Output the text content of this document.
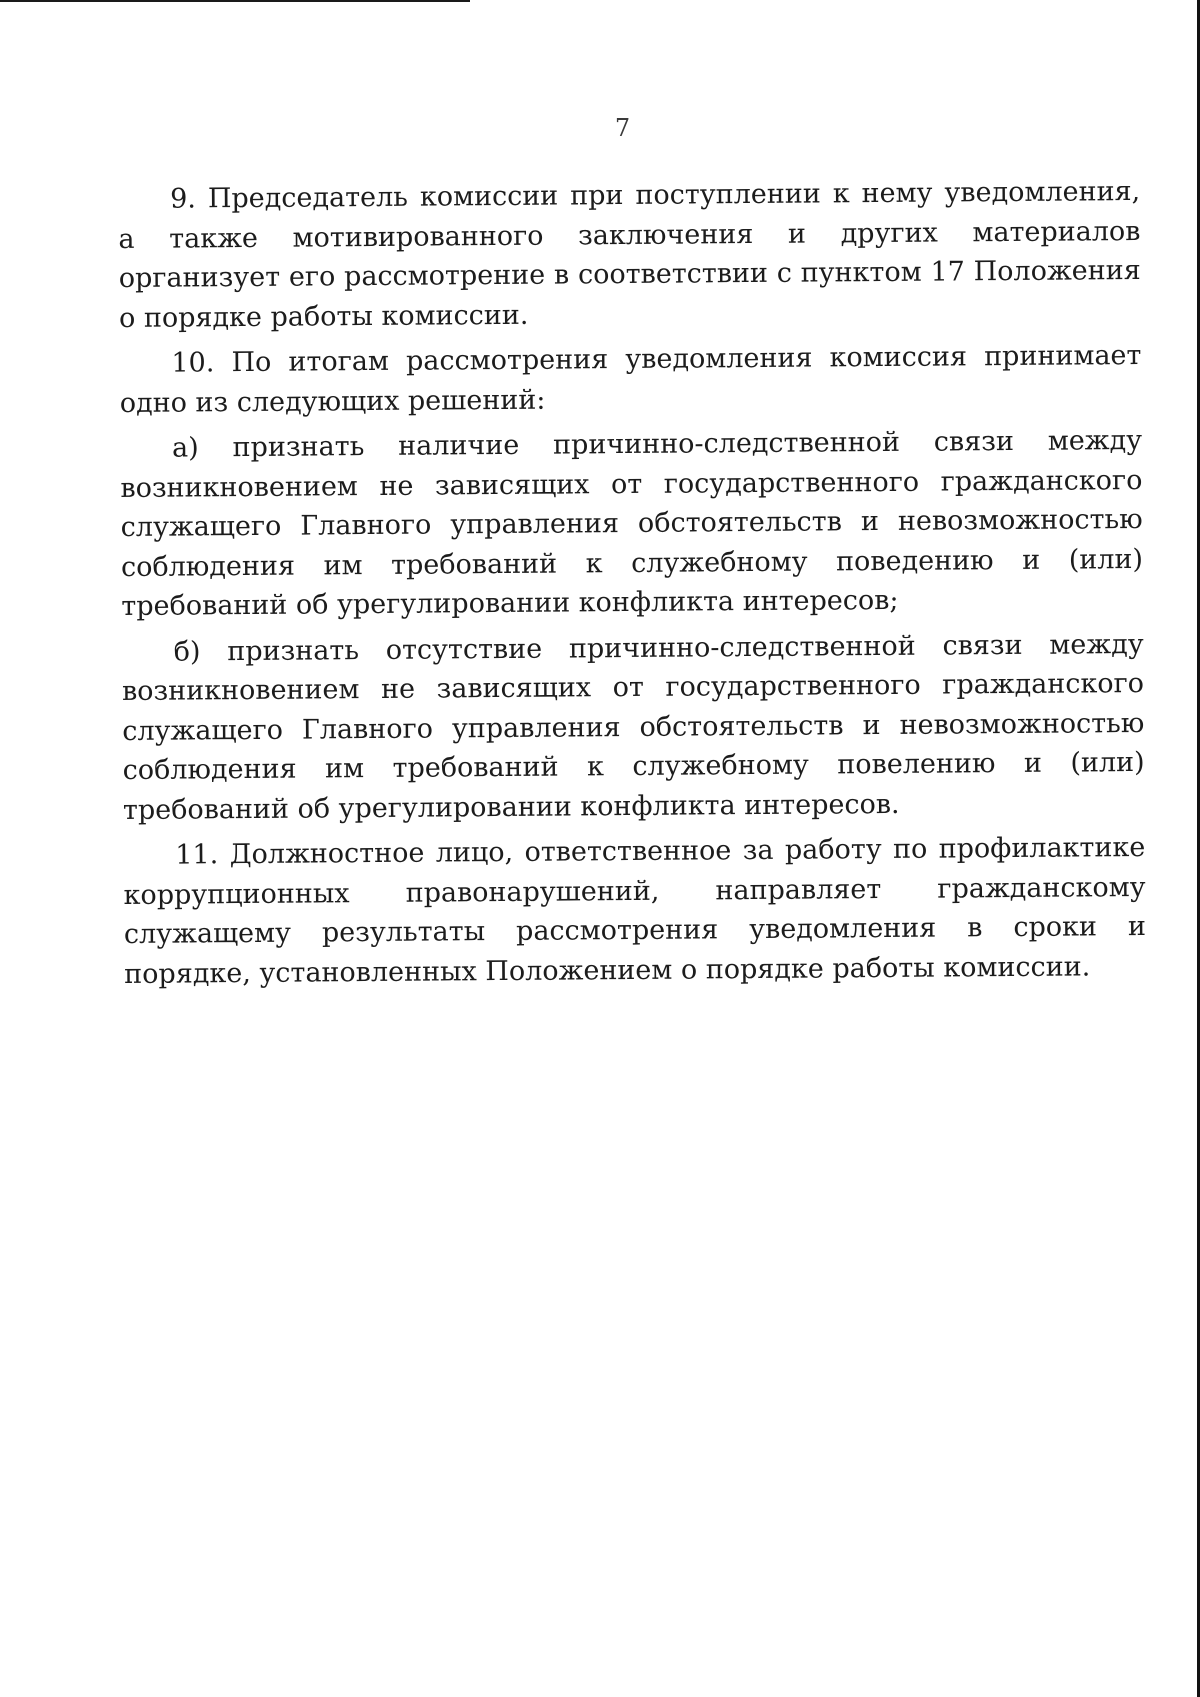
7

9. Председатель комиссии при поступлении к нему уведомления, а также мотивированного заключения и других материалов организует его рассмотрение в соответствии с пунктом 17 Положения о порядке работы комиссии.

10. По итогам рассмотрения уведомления комиссия принимает одно из следующих решений:

а) признать наличие причинно-следственной связи между возникновением не зависящих от государственного гражданского служащего Главного управления обстоятельств и невозможностью соблюдения им требований к служебному поведению и (или) требований об урегулировании конфликта интересов;

б) признать отсутствие причинно-следственной связи между возникновением не зависящих от государственного гражданского служащего Главного управления обстоятельств и невозможностью соблюдения им требований к служебному повелению и (или) требований об урегулировании конфликта интересов.

11. Должностное лицо, ответственное за работу по профилактике коррупционных правонарушений, направляет гражданскому служащему результаты рассмотрения уведомления в сроки и порядке, установленных Положением о порядке работы комиссии.
